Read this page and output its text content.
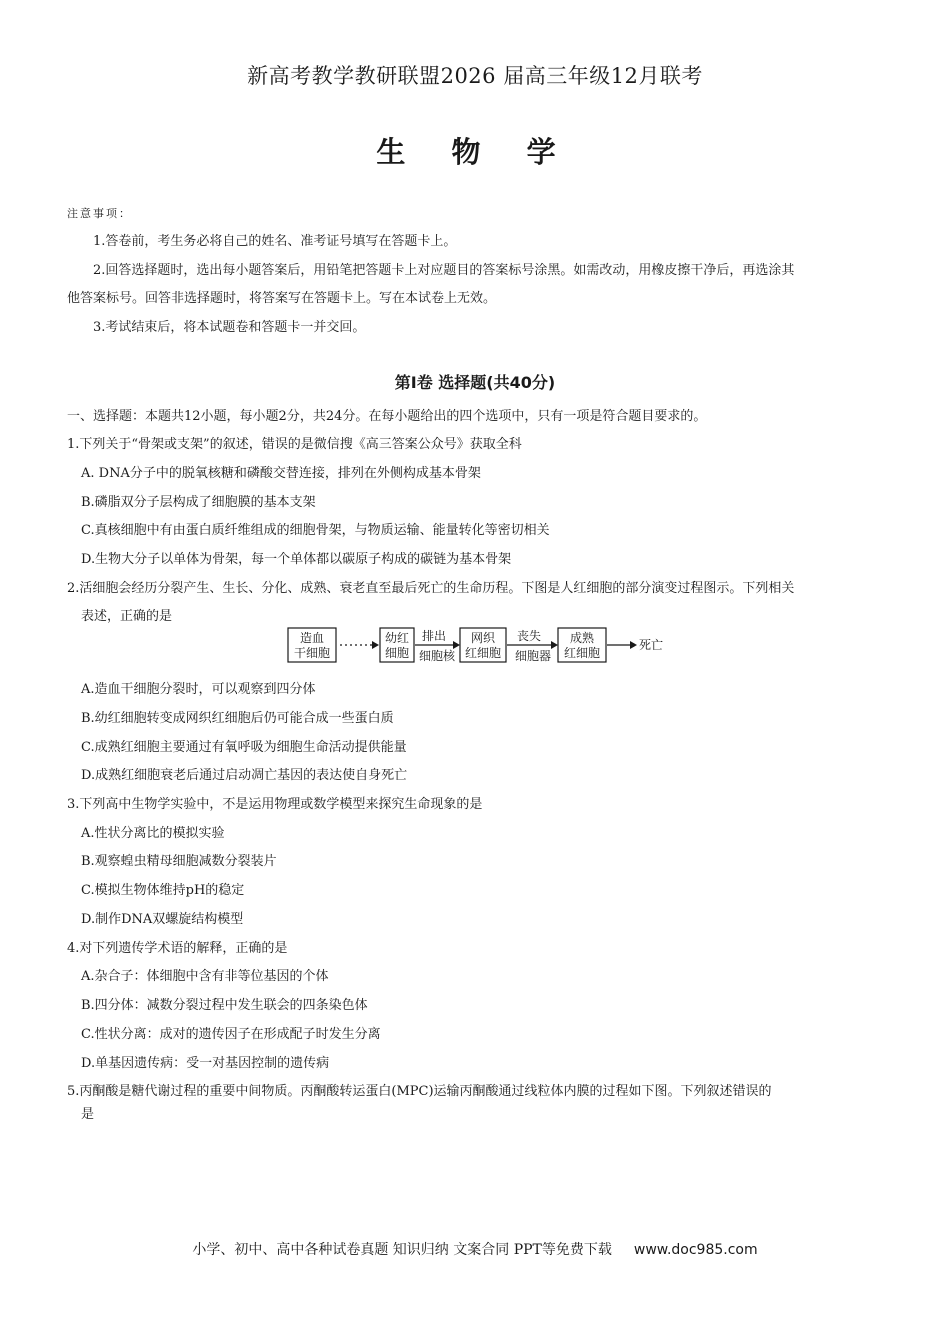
新高考教学教研联盟2026 届高三年级12月联考
生 物 学
注意事项：
1.答卷前，考生务必将自己的姓名、准考证号填写在答题卡上。
2.回答选择题时，选出每小题答案后，用铅笔把答题卡上对应题目的答案标号涂黑。如需改动，用橡皮擦干净后，再选涂其
他答案标号。回答非选择题时，将答案写在答题卡上。写在本试卷上无效。
3.考试结束后，将本试题卷和答题卡一并交回。
第Ⅰ卷 选择题(共40分)
一、选择题：本题共12小题，每小题2分，共24分。在每小题给出的四个选项中，只有一项是符合题目要求的。
1.下列关于“骨架或支架”的叙述，错误的是微信搜《高三答案公众号》获取全科
A. DNA分子中的脱氧核糖和磷酸交替连接，排列在外侧构成基本骨架
B.磷脂双分子层构成了细胞膜的基本支架
C.真核细胞中有由蛋白质纤维组成的细胞骨架，与物质运输、能量转化等密切相关
D.生物大分子以单体为骨架，每一个单体都以碳原子构成的碳链为基本骨架
2.活细胞会经历分裂产生、生长、分化、成熟、衰老直至最后死亡的生命历程。下图是人红细胞的部分演变过程图示。下列相关
表述，正确的是
造血
干细胞
幼红
细胞
排出
细胞核
网织
红细胞
丧失
细胞器
成熟
红细胞
死亡
A.造血干细胞分裂时，可以观察到四分体
B.幼红细胞转变成网织红细胞后仍可能合成一些蛋白质
C.成熟红细胞主要通过有氧呼吸为细胞生命活动提供能量
D.成熟红细胞衰老后通过启动凋亡基因的表达使自身死亡
3.下列高中生物学实验中，不是运用物理或数学模型来探究生命现象的是
A.性状分离比的模拟实验
B.观察蝗虫精母细胞减数分裂装片
C.模拟生物体维持pH的稳定
D.制作DNA双螺旋结构模型
4.对下列遗传学术语的解释，正确的是
A.杂合子：体细胞中含有非等位基因的个体
B.四分体：减数分裂过程中发生联会的四条染色体
C.性状分离：成对的遗传因子在形成配子时发生分离
D.单基因遗传病：受一对基因控制的遗传病
5.丙酮酸是糖代谢过程的重要中间物质。丙酮酸转运蛋白(MPC)运输丙酮酸通过线粒体内膜的过程如下图。下列叙述错误的
是
小学、初中、高中各种试卷真题 知识归纳 文案合同 PPT等免费下载 www.doc985.com
